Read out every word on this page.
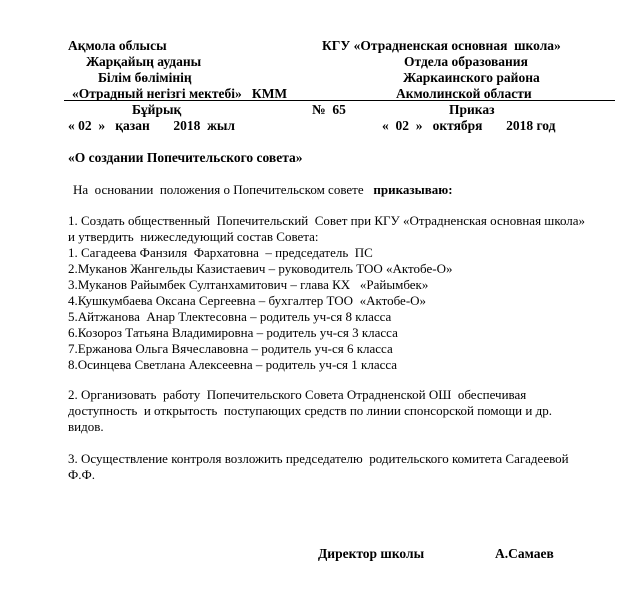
Ақмола облысы
Жарқайың ауданы
Білім бөлімінің
«Отрадный негізгі мектебі»   КММ
КГУ «Отрадненская основная  школа»
Отдела образования
Жаркаинского района
Акмолинской области
Бұйрық	№  65	Приказ
« 02  »   қазан       2018  жыл	«  02  »   октября       2018 год
«О создании Попечительского совета»
На  основании  положения о Попечительском совете   приказываю:
1. Создать общественный  Попечительский  Совет при КГУ «Отрадненская основная школа»
и утвердить  нижеследующий состав Совета:
1. Сагадеева Фанзиля  Фархатовна  – председатель  ПС
2.Муканов Жангельды Казистаевич – руководитель ТОО «Актобе-О»
3.Муканов Райымбек Султанхамитович – глава КХ   «Райымбек»
4.Кушкумбаева Оксана Сергеевна – бухгалтер ТОО  «Актобе-О»
5.Айтжанова  Анар Тлектесовна – родитель уч-ся 8 класса
6.Козороз Татьяна Владимировна – родитель уч-ся 3 класса
7.Ержанова Ольга Вячеславовна – родитель уч-ся 6 класса
8.Осинцева Светлана Алексеевна – родитель уч-ся 1 класса
2. Организовать  работу  Попечительского Совета Отрадненской ОШ  обеспечивая
доступность  и открытость  поступающих средств по линии спонсорской помощи и др.
видов.
3. Осуществление контроля возложить председателю  родительского комитета Сагадеевой
Ф.Ф.
Директор школы	А.Самаев
